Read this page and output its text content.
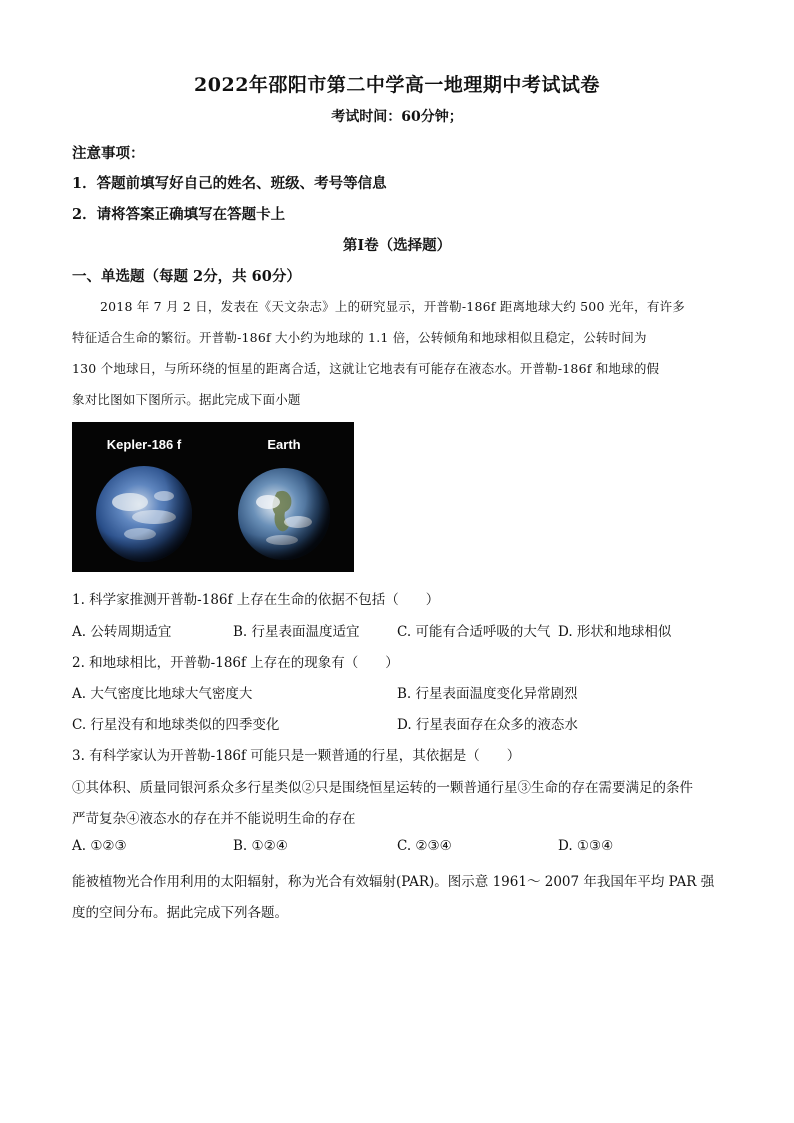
2022年邵阳市第二中学高一地理期中考试试卷
考试时间：60分钟；
注意事项：
1．答题前填写好自己的姓名、班级、考号等信息
2．请将答案正确填写在答题卡上
第Ⅰ卷（选择题）
一、单选题（每题 2分，共 60分）
2018 年 7 月 2 日，发表在《天文杂志》上的研究显示，开普勒-186f 距离地球大约 500 光年，有许多
特征适合生命的繁衍。开普勒-186f 大小约为地球的 1.1 倍，公转倾角和地球相似且稳定，公转时间为
130 个地球日，与所环绕的恒星的距离合适，这就让它地表有可能存在液态水。开普勒-186f 和地球的假
象对比图如下图所示。据此完成下面小题
Kepler-186 f	Earth
1. 科学家推测开普勒-186f 上存在生命的依据不包括（　　）
A. 公转周期适宜	B. 行星表面温度适宜	C. 可能有合适呼吸的大气 D. 形状和地球相似
2. 和地球相比，开普勒-186f 上存在的现象有（　　）
A. 大气密度比地球大气密度大	B. 行星表面温度变化异常剧烈
C. 行星没有和地球类似的四季变化	D. 行星表面存在众多的液态水
3. 有科学家认为开普勒-186f 可能只是一颗普通的行星，其依据是（　　）
①其体积、质量同银河系众多行星类似②只是围绕恒星运转的一颗普通行星③生命的存在需要满足的条件
严苛复杂④液态水的存在并不能说明生命的存在
A. ①②③	B. ①②④	C. ②③④	D. ①③④
能被植物光合作用利用的太阳辐射，称为光合有效辐射(PAR)。图示意 1961～ 2007 年我国年平均 PAR 强
度的空间分布。据此完成下列各题。
